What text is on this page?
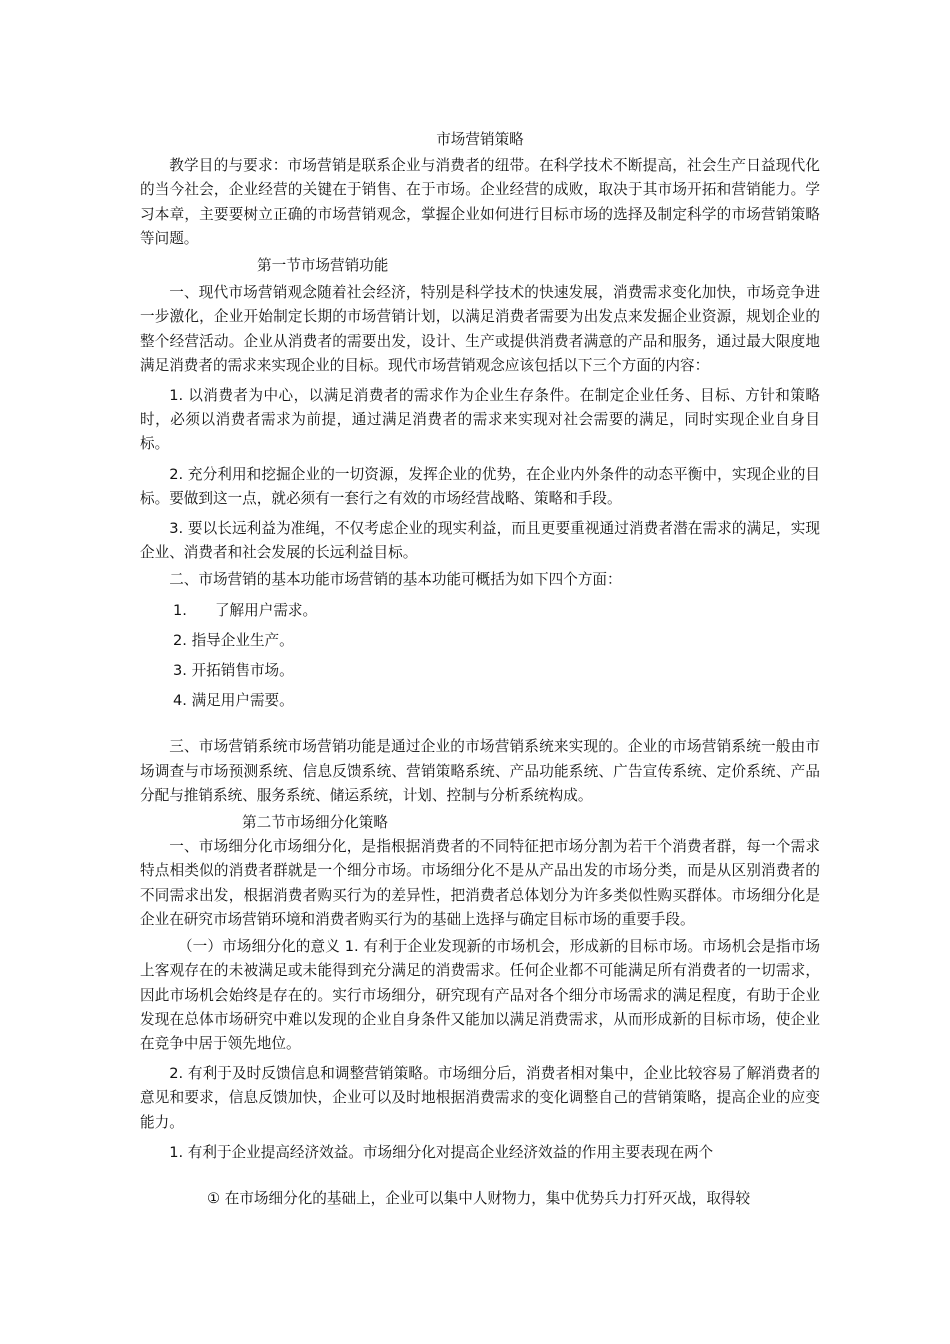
市场营销策略

教学目的与要求：市场营销是联系企业与消费者的纽带。在科学技术不断提高，社会生产日益现代化的当今社会，企业经营的关键在于销售、在于市场。企业经营的成败，取决于其市场开拓和营销能力。学习本章，主要要树立正确的市场营销观念，掌握企业如何进行目标市场的选择及制定科学的市场营销策略等问题。

第一节市场营销功能

一、现代市场营销观念随着社会经济，特别是科学技术的快速发展，消费需求变化加快，市场竞争进一步激化，企业开始制定长期的市场营销计划，以满足消费者需要为出发点来发掘企业资源，规划企业的整个经营活动。企业从消费者的需要出发，设计、生产或提供消费者满意的产品和服务，通过最大限度地满足消费者的需求来实现企业的目标。现代市场营销观念应该包括以下三个方面的内容：

1. 以消费者为中心，以满足消费者的需求作为企业生存条件。在制定企业任务、目标、方针和策略时，必须以消费者需求为前提，通过满足消费者的需求来实现对社会需要的满足，同时实现企业自身目标。

2. 充分利用和挖掘企业的一切资源，发挥企业的优势，在企业内外条件的动态平衡中，实现企业的目标。要做到这一点，就必须有一套行之有效的市场经营战略、策略和手段。

3. 要以长远利益为准绳，不仅考虑企业的现实利益，而且更要重视通过消费者潜在需求的满足，实现企业、消费者和社会发展的长远利益目标。

二、市场营销的基本功能市场营销的基本功能可概括为如下四个方面：

1. 了解用户需求。

2. 指导企业生产。

3. 开拓销售市场。

4. 满足用户需要。

三、市场营销系统市场营销功能是通过企业的市场营销系统来实现的。企业的市场营销系统一般由市场调查与市场预测系统、信息反馈系统、营销策略系统、产品功能系统、广告宣传系统、定价系统、产品分配与推销系统、服务系统、储运系统，计划、控制与分析系统构成。

第二节市场细分化策略

一、市场细分化市场细分化，是指根据消费者的不同特征把市场分割为若干个消费者群，每一个需求特点相类似的消费者群就是一个细分市场。市场细分化不是从产品出发的市场分类，而是从区别消费者的不同需求出发，根据消费者购买行为的差异性，把消费者总体划分为许多类似性购买群体。市场细分化是企业在研究市场营销环境和消费者购买行为的基础上选择与确定目标市场的重要手段。

（一）市场细分化的意义 1. 有利于企业发现新的市场机会，形成新的目标市场。市场机会是指市场上客观存在的未被满足或未能得到充分满足的消费需求。任何企业都不可能满足所有消费者的一切需求，因此市场机会始终是存在的。实行市场细分，研究现有产品对各个细分市场需求的满足程度，有助于企业发现在总体市场研究中难以发现的企业自身条件又能加以满足消费需求，从而形成新的目标市场，使企业在竞争中居于领先地位。

2. 有利于及时反馈信息和调整营销策略。市场细分后，消费者相对集中，企业比较容易了解消费者的意见和要求，信息反馈加快，企业可以及时地根据消费需求的变化调整自己的营销策略，提高企业的应变能力。

1. 有利于企业提高经济效益。市场细分化对提高企业经济效益的作用主要表现在两个

① 在市场细分化的基础上，企业可以集中人财物力，集中优势兵力打歼灭战，取得较
